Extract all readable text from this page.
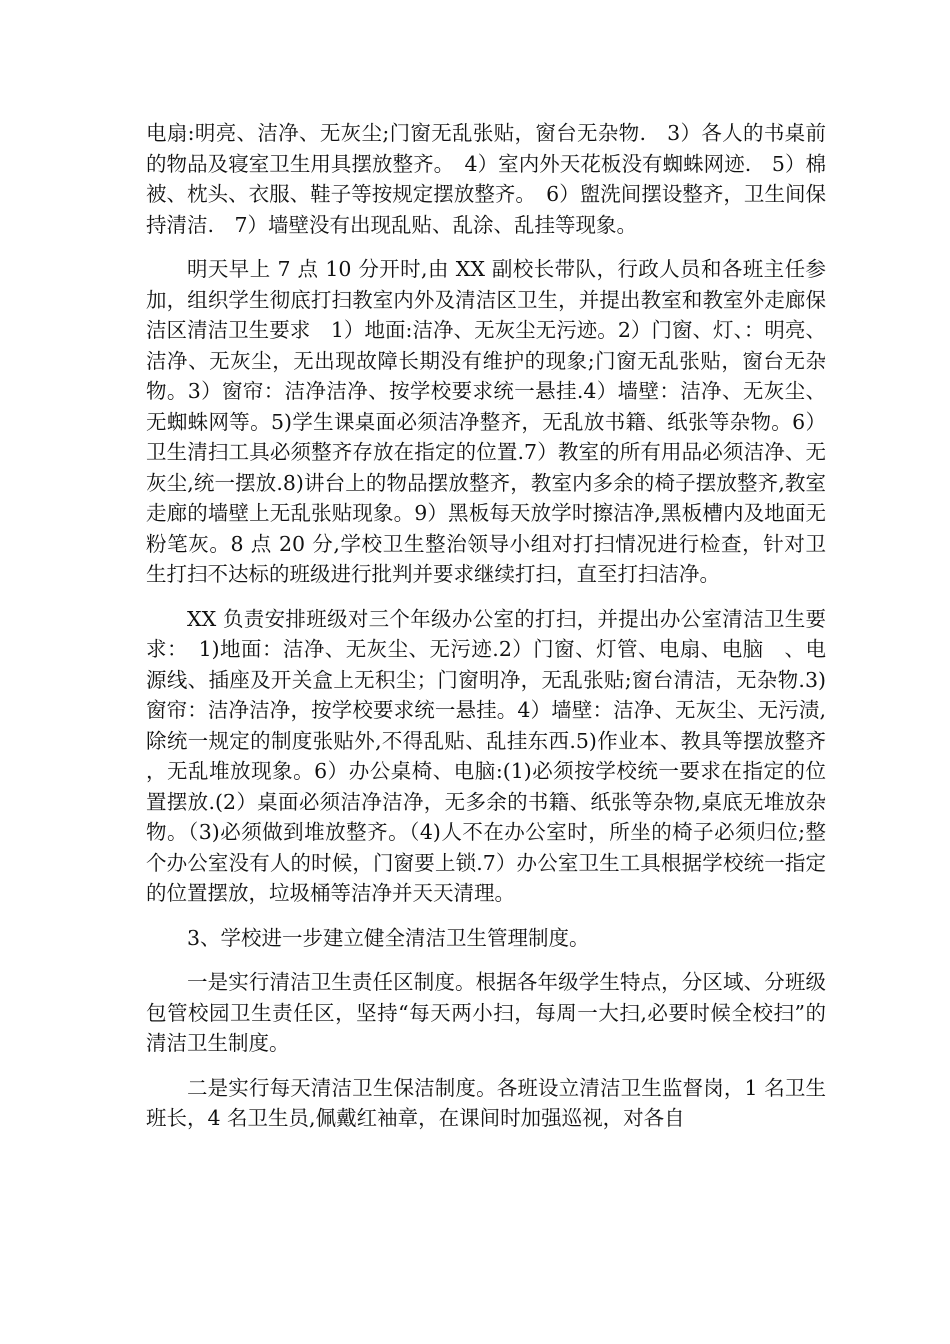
电扇:明亮、洁净、无灰尘;门窗无乱张贴，窗台无杂物.　3）各人的书桌前的物品及寝室卫生用具摆放整齐。　4）室内外天花板没有蜘蛛网迹.　5）棉被、枕头、衣服、鞋子等按规定摆放整齐。　6）盥洗间摆设整齐，卫生间保持清洁.　7）墙壁没有出现乱贴、乱涂、乱挂等现象。

明天早上 7 点 10 分开时,由 XX 副校长带队，行政人员和各班主任参加，组织学生彻底打扫教室内外及清洁区卫生，并提出教室和教室外走廊保洁区清洁卫生要求　1）地面:洁净、无灰尘无污迹。2）门窗、灯、：明亮、洁净、无灰尘，无出现故障长期没有维护的现象;门窗无乱张贴，窗台无杂物。3）窗帘：洁净洁净、按学校要求统一悬挂.4）墙壁：洁净、无灰尘、无蜘蛛网等。5)学生课桌面必须洁净整齐，无乱放书籍、纸张等杂物。6）卫生清扫工具必须整齐存放在指定的位置.7）教室的所有用品必须洁净、无灰尘,统一摆放.8)讲台上的物品摆放整齐，教室内多余的椅子摆放整齐,教室走廊的墙壁上无乱张贴现象。9）黑板每天放学时擦洁净,黑板槽内及地面无粉笔灰。8 点 20 分,学校卫生整治领导小组对打扫情况进行检查，针对卫生打扫不达标的班级进行批判并要求继续打扫，直至打扫洁净。

XX 负责安排班级对三个年级办公室的打扫，并提出办公室清洁卫生要求：　1)地面：洁净、无灰尘、无污迹.2）门窗、灯管、电扇、电脑　、电源线、插座及开关盒上无积尘；门窗明净，无乱张贴;窗台清洁，无杂物.3)窗帘：洁净洁净，按学校要求统一悬挂。4）墙壁：洁净、无灰尘、无污渍,除统一规定的制度张贴外,不得乱贴、乱挂东西.5)作业本、教具等摆放整齐，无乱堆放现象。6）办公桌椅、电脑:(1)必须按学校统一要求在指定的位置摆放.(2）桌面必须洁净洁净，无多余的书籍、纸张等杂物,桌底无堆放杂物。（3)必须做到堆放整齐。（4)人不在办公室时，所坐的椅子必须归位;整个办公室没有人的时候，门窗要上锁.7）办公室卫生工具根据学校统一指定的位置摆放，垃圾桶等洁净并天天清理。

3、学校进一步建立健全清洁卫生管理制度。

一是实行清洁卫生责任区制度。根据各年级学生特点，分区域、分班级包管校园卫生责任区，坚持“每天两小扫，每周一大扫,必要时候全校扫”的清洁卫生制度。

二是实行每天清洁卫生保洁制度。各班设立清洁卫生监督岗，1 名卫生班长，4 名卫生员,佩戴红袖章，在课间时加强巡视，对各自
